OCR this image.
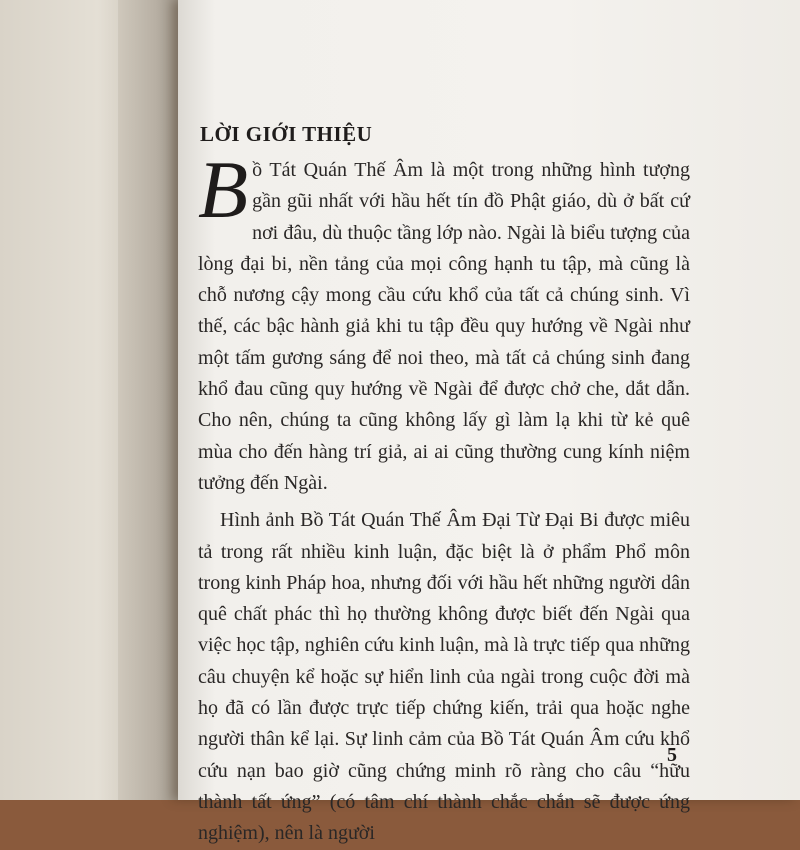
LỜI GIỚI THIỆU

Bồ Tát Quán Thế Âm là một trong những hình tượng gần gũi nhất với hầu hết tín đồ Phật giáo, dù ở bất cứ nơi đâu, dù thuộc tầng lớp nào. Ngài là biểu tượng của lòng đại bi, nền tảng của mọi công hạnh tu tập, mà cũng là chỗ nương cậy mong cầu cứu khổ của tất cả chúng sinh. Vì thế, các bậc hành giả khi tu tập đều quy hướng về Ngài như một tấm gương sáng để noi theo, mà tất cả chúng sinh đang khổ đau cũng quy hướng về Ngài để được chở che, dắt dẫn. Cho nên, chúng ta cũng không lấy gì làm lạ khi từ kẻ quê mùa cho đến hàng trí giả, ai ai cũng thường cung kính niệm tưởng đến Ngài.

Hình ảnh Bồ Tát Quán Thế Âm Đại Từ Đại Bi được miêu tả trong rất nhiều kinh luận, đặc biệt là ở phẩm Phổ môn trong kinh Pháp hoa, nhưng đối với hầu hết những người dân quê chất phác thì họ thường không được biết đến Ngài qua việc học tập, nghiên cứu kinh luận, mà là trực tiếp qua những câu chuyện kể hoặc sự hiển linh của ngài trong cuộc đời mà họ đã có lần được trực tiếp chứng kiến, trải qua hoặc nghe người thân kể lại. Sự linh cảm của Bồ Tát Quán Âm cứu khổ cứu nạn bao giờ cũng chứng minh rõ ràng cho câu “hữu thành tất ứng” (có tâm chí thành chắc chắn sẽ được ứng nghiệm), nên là người

5
